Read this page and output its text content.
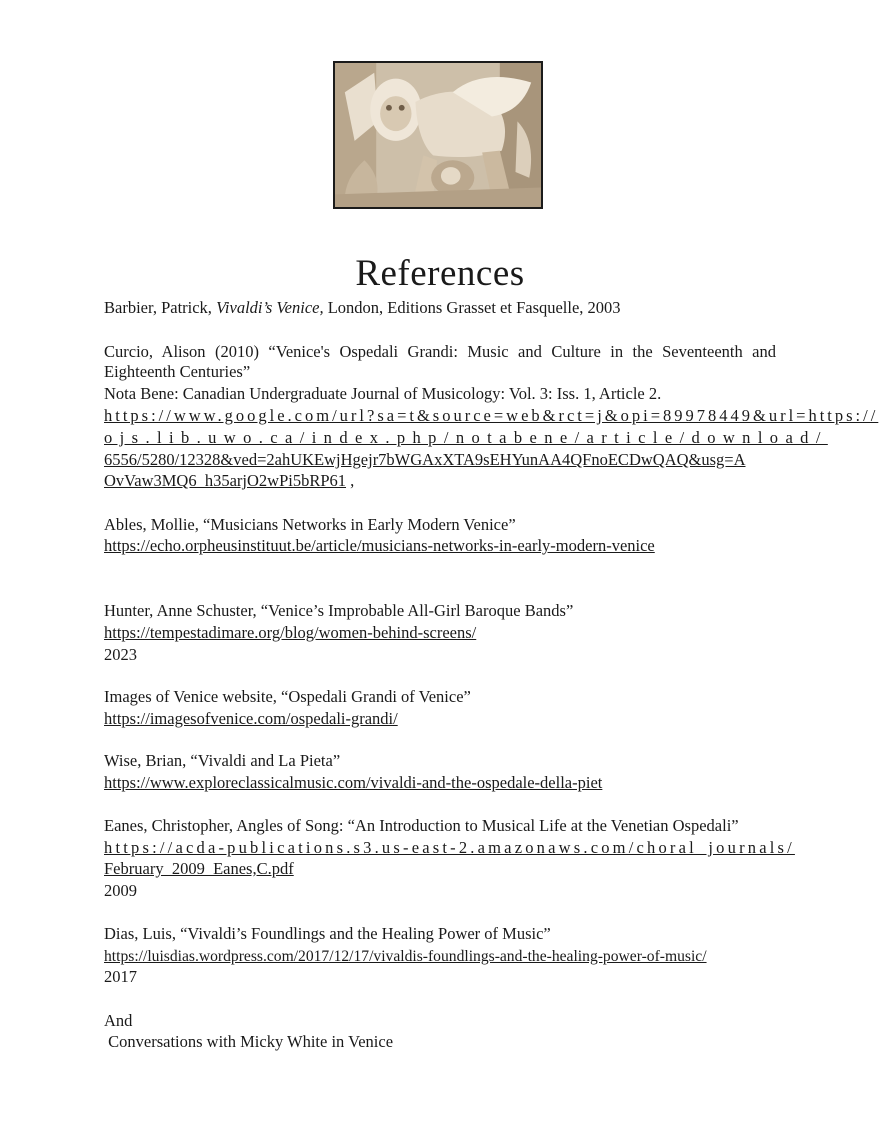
References
Barbier, Patrick, Vivaldi’s Venice, London, Editions Grasset et Fasquelle, 2003
Curcio, Alison (2010) “Venice's Ospedali Grandi: Music and Culture in the Seventeenth and
Eighteenth Centuries”
Nota Bene: Canadian Undergraduate Journal of Musicology: Vol. 3: Iss. 1, Article 2.
https://www.google.com/url?sa=t&source=web&rct=j&opi=89978449&url=https://
ojs.lib.uwo.ca/index.php/notabene/article/download/
6556/5280/12328&ved=2ahUKEwjHgejr7bWGAxXTA9sEHYunAA4QFnoECDwQAQ&usg=A
OvVaw3MQ6_h35arjO2wPi5bRP61 ,
Ables, Mollie, “Musicians Networks in Early Modern Venice”
https://echo.orpheusinstituut.be/article/musicians-networks-in-early-modern-venice
Hunter, Anne Schuster, “Venice’s Improbable All-Girl Baroque Bands”
https://tempestadimare.org/blog/women-behind-screens/
2023
Images of Venice website, “Ospedali Grandi of Venice”
https://imagesofvenice.com/ospedali-grandi/
Wise, Brian, “Vivaldi and La Pieta”
https://www.exploreclassicalmusic.com/vivaldi-and-the-ospedale-della-piet
Eanes, Christopher, Angles of Song: “An Introduction to Musical Life at the Venetian Ospedali”
https://acda-publications.s3.us-east-2.amazonaws.com/choral_journals/
February_2009_Eanes,C.pdf
2009
Dias, Luis, “Vivaldi’s Foundlings and the Healing Power of Music”
https://luisdias.wordpress.com/2017/12/17/vivaldis-foundlings-and-the-healing-power-of-music/
2017
And
Conversations with Micky White in Venice
